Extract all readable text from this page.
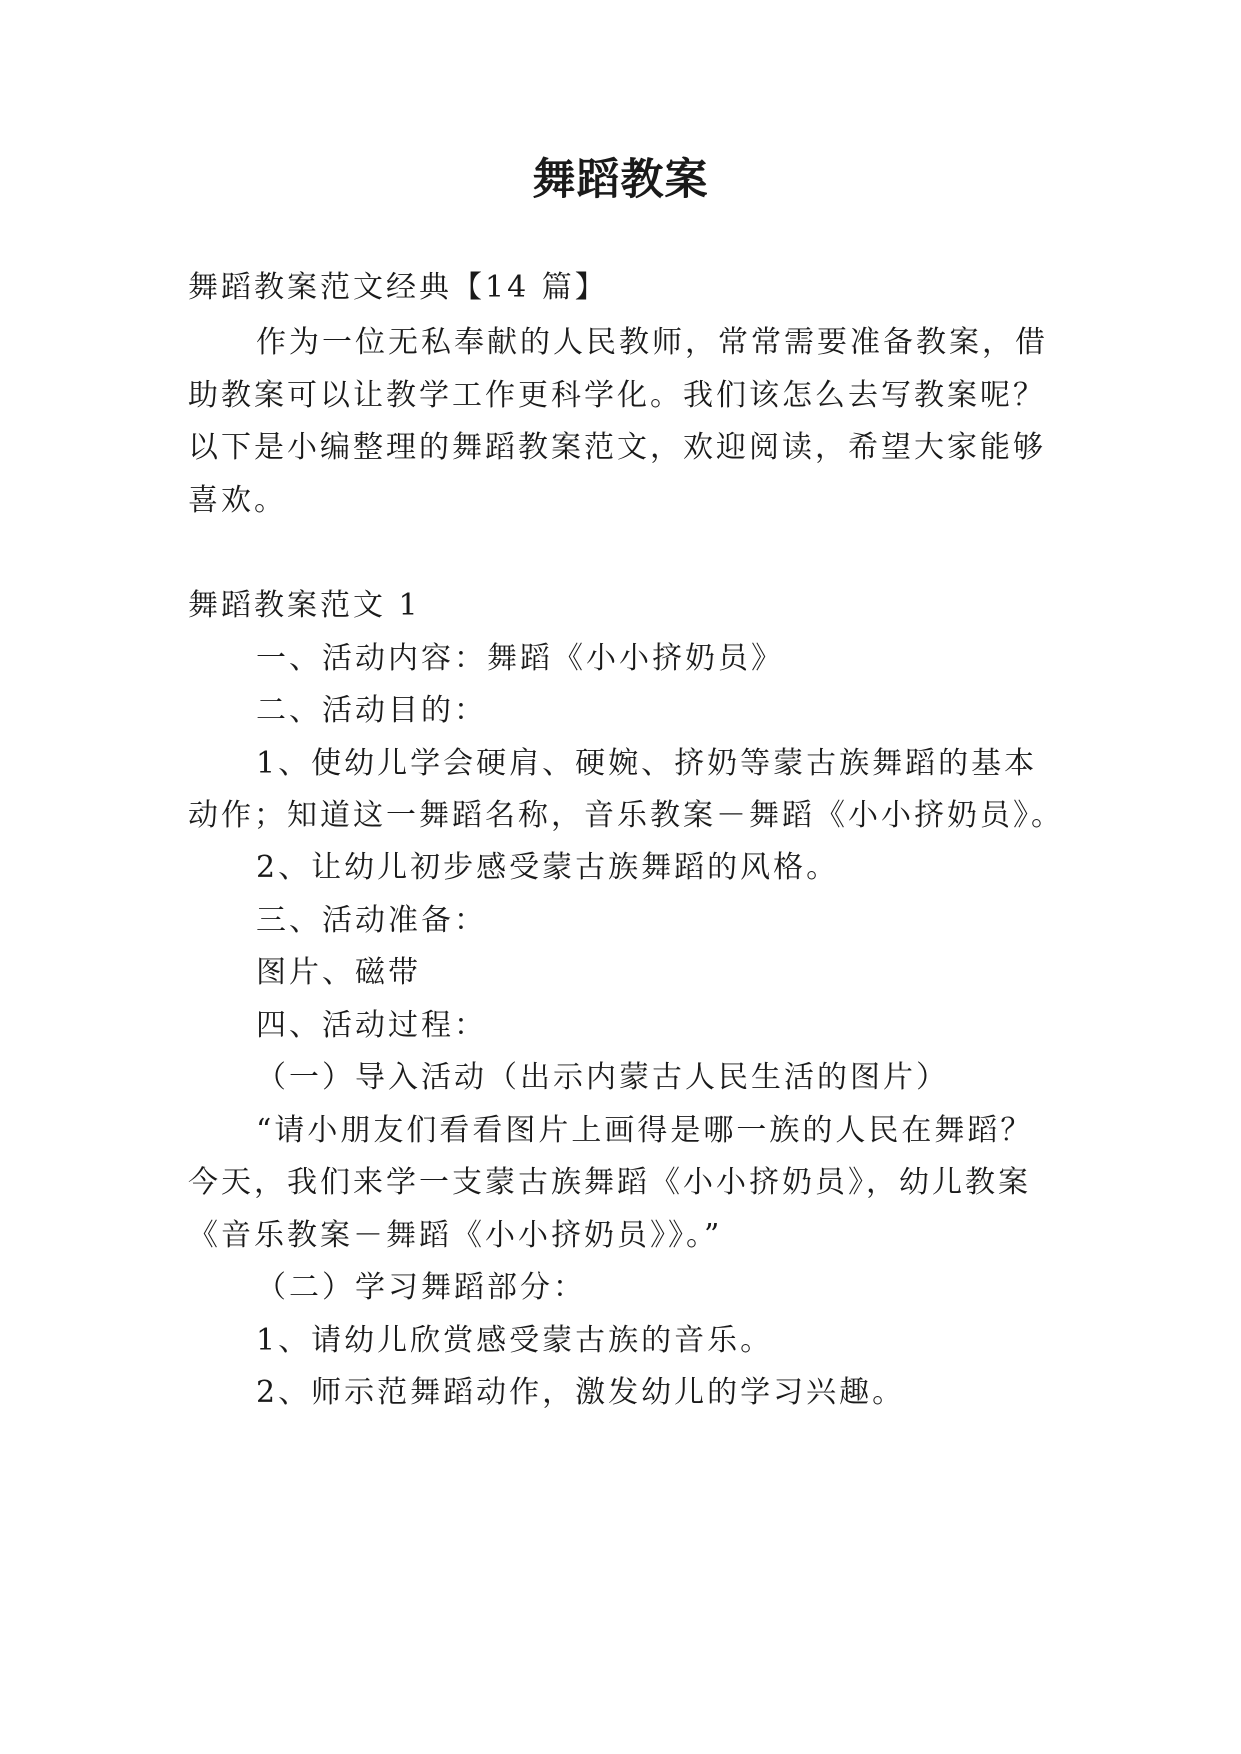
舞蹈教案

舞蹈教案范文经典【14 篇】

作为一位无私奉献的人民教师，常常需要准备教案，借

助教案可以让教学工作更科学化。我们该怎么去写教案呢？

以下是小编整理的舞蹈教案范文，欢迎阅读，希望大家能够

喜欢。

舞蹈教案范文 1

一、活动内容：舞蹈《小小挤奶员》

二、活动目的：

1、使幼儿学会硬肩、硬婉、挤奶等蒙古族舞蹈的基本

动作；知道这一舞蹈名称，音乐教案－舞蹈《小小挤奶员》。

2、让幼儿初步感受蒙古族舞蹈的风格。

三、活动准备：

图片、磁带

四、活动过程：

（一）导入活动（出示内蒙古人民生活的图片）

“请小朋友们看看图片上画得是哪一族的人民在舞蹈？

今天，我们来学一支蒙古族舞蹈《小小挤奶员》，幼儿教案

《音乐教案－舞蹈《小小挤奶员》》。”

（二）学习舞蹈部分：

1、请幼儿欣赏感受蒙古族的音乐。

2、师示范舞蹈动作，激发幼儿的学习兴趣。
